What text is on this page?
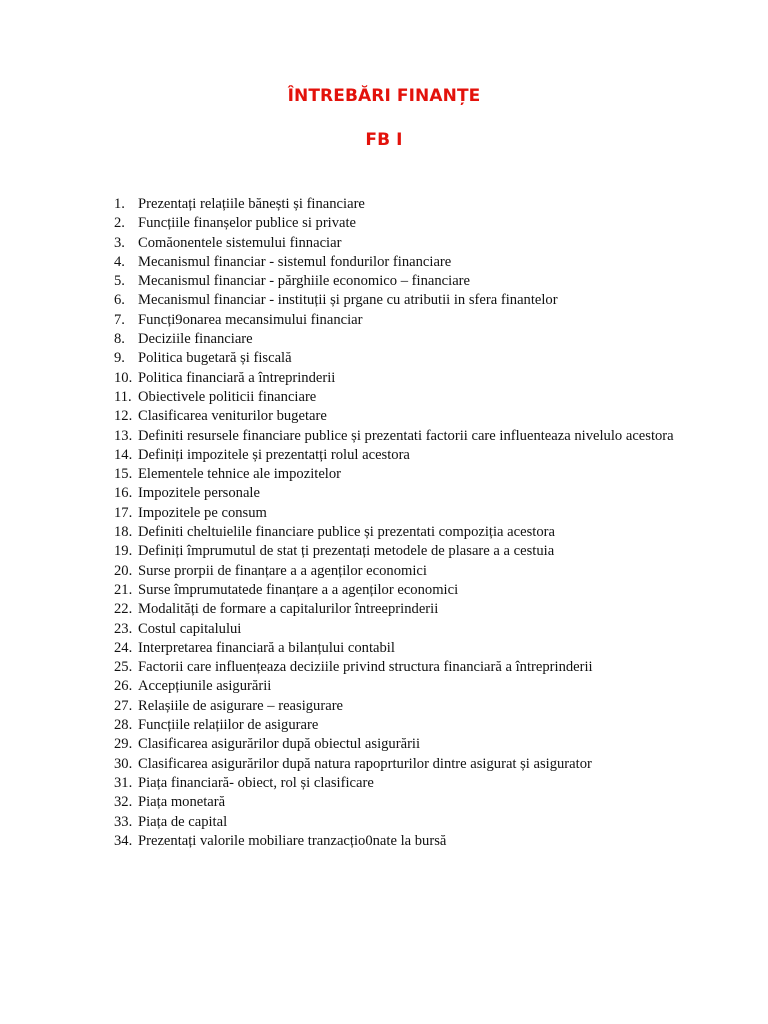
ÎNTREBĂRI FINANȚE
FB I
1. Prezentați relațiile bănești și financiare
2. Funcțiile finanșelor publice si private
3. Comăonentele sistemului finnaciar
4. Mecanismul financiar - sistemul fondurilor financiare
5. Mecanismul financiar - părghiile economico – financiare
6. Mecanismul financiar - instituții și prgane cu atributii in sfera finantelor
7. Funcți9onarea mecansimului financiar
8. Deciziile financiare
9. Politica bugetară și fiscală
10. Politica financiară a întreprinderii
11. Obiectivele politicii financiare
12. Clasificarea veniturilor bugetare
13. Definiti resursele financiare publice și prezentati factorii care influenteaza nivelulo acestora
14. Definiți impozitele și prezentatți rolul acestora
15. Elementele tehnice ale impozitelor
16. Impozitele personale
17. Impozitele pe consum
18. Definiti cheltuielile financiare publice și prezentati compoziția acestora
19. Definiți împrumutul de stat ți prezentați metodele de plasare a a cestuia
20. Surse prorpii de finanțare a a agenților economici
21. Surse împrumutatede finanțare a a agenților economici
22. Modalități de formare a capitalurilor întreeprinderii
23. Costul capitalului
24. Interpretarea financiară a bilanțului contabil
25. Factorii care influențeaza deciziile privind structura financiară a întreprinderii
26. Accepțiunile asigurării
27. Relașiile de asigurare – reasigurare
28. Funcțiile relațiilor de asigurare
29. Clasificarea asigurărilor după obiectul asigurării
30. Clasificarea asigurărilor după natura rapoprturilor dintre asigurat și asigurator
31. Piața financiară- obiect, rol și clasificare
32. Piața monetară
33. Piața de capital
34. Prezentați valorile mobiliare tranzacțio0nate la bursă
